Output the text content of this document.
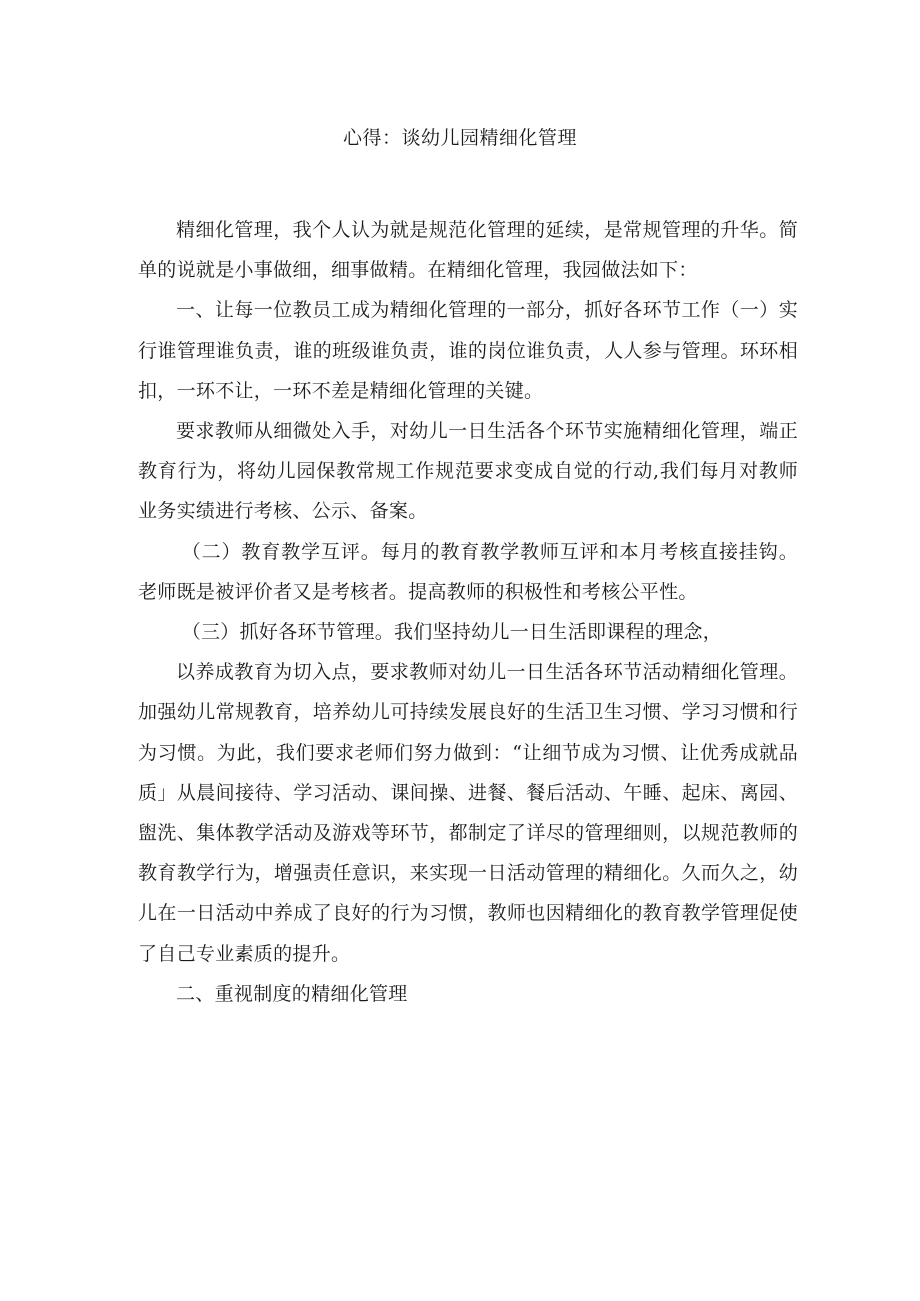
心得：谈幼儿园精细化管理

精细化管理，我个人认为就是规范化管理的延续，是常规管理的升华。简单的说就是小事做细，细事做精。在精细化管理，我园做法如下：

一、让每一位教员工成为精细化管理的一部分，抓好各环节工作（一）实行谁管理谁负责，谁的班级谁负责，谁的岗位谁负责，人人参与管理。环环相扣，一环不让，一环不差是精细化管理的关键。

要求教师从细微处入手，对幼儿一日生活各个环节实施精细化管理，端正教育行为，将幼儿园保教常规工作规范要求变成自觉的行动,我们每月对教师业务实绩进行考核、公示、备案。

（二）教育教学互评。每月的教育教学教师互评和本月考核直接挂钩。老师既是被评价者又是考核者。提高教师的积极性和考核公平性。

（三）抓好各环节管理。我们坚持幼儿一日生活即课程的理念，

以养成教育为切入点，要求教师对幼儿一日生活各环节活动精细化管理。加强幼儿常规教育，培养幼儿可持续发展良好的生活卫生习惯、学习习惯和行为习惯。为此，我们要求老师们努力做到：“让细节成为习惯、让优秀成就品质」从晨间接待、学习活动、课间操、进餐、餐后活动、午睡、起床、离园、盥洗、集体教学活动及游戏等环节，都制定了详尽的管理细则，以规范教师的教育教学行为，增强责任意识，来实现一日活动管理的精细化。久而久之，幼儿在一日活动中养成了良好的行为习惯，教师也因精细化的教育教学管理促使了自己专业素质的提升。

二、重视制度的精细化管理
